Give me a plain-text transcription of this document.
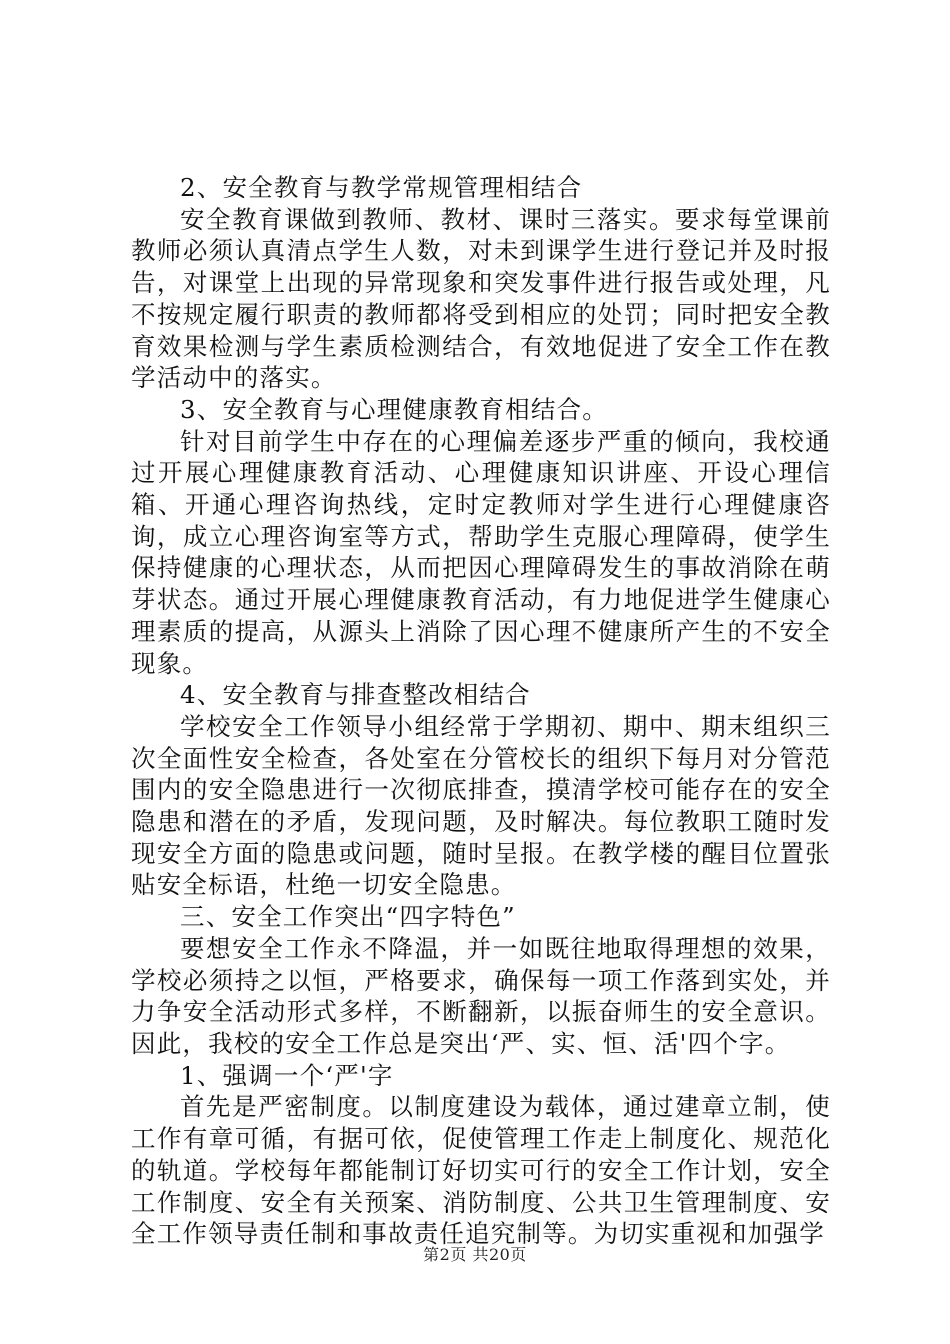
2、安全教育与教学常规管理相结合

安全教育课做到教师、教材、课时三落实。要求每堂课前教师必须认真清点学生人数，对未到课学生进行登记并及时报告，对课堂上出现的异常现象和突发事件进行报告或处理，凡不按规定履行职责的教师都将受到相应的处罚；同时把安全教育效果检测与学生素质检测结合，有效地促进了安全工作在教学活动中的落实。

3、安全教育与心理健康教育相结合。

针对目前学生中存在的心理偏差逐步严重的倾向，我校通过开展心理健康教育活动、心理健康知识讲座、开设心理信箱、开通心理咨询热线，定时定教师对学生进行心理健康咨询，成立心理咨询室等方式，帮助学生克服心理障碍，使学生保持健康的心理状态，从而把因心理障碍发生的事故消除在萌芽状态。通过开展心理健康教育活动，有力地促进学生健康心理素质的提高，从源头上消除了因心理不健康所产生的不安全现象。

4、安全教育与排查整改相结合

学校安全工作领导小组经常于学期初、期中、期末组织三次全面性安全检查，各处室在分管校长的组织下每月对分管范围内的安全隐患进行一次彻底排查，摸清学校可能存在的安全隐患和潜在的矛盾，发现问题，及时解决。每位教职工随时发现安全方面的隐患或问题，随时呈报。在教学楼的醒目位置张贴安全标语，杜绝一切安全隐患。

三、安全工作突出“四字特色”

要想安全工作永不降温，并一如既往地取得理想的效果，学校必须持之以恒，严格要求，确保每一项工作落到实处，并力争安全活动形式多样，不断翻新，以振奋师生的安全意识。因此，我校的安全工作总是突出‘严、实、恒、活'四个字。

1、强调一个‘严'字

首先是严密制度。以制度建设为载体，通过建章立制，使工作有章可循，有据可依，促使管理工作走上制度化、规范化的轨道。学校每年都能制订好切实可行的安全工作计划，安全工作制度、安全有关预案、消防制度、公共卫生管理制度、安全工作领导责任制和事故责任追究制等。为切实重视和加强学

第2页 共20页
